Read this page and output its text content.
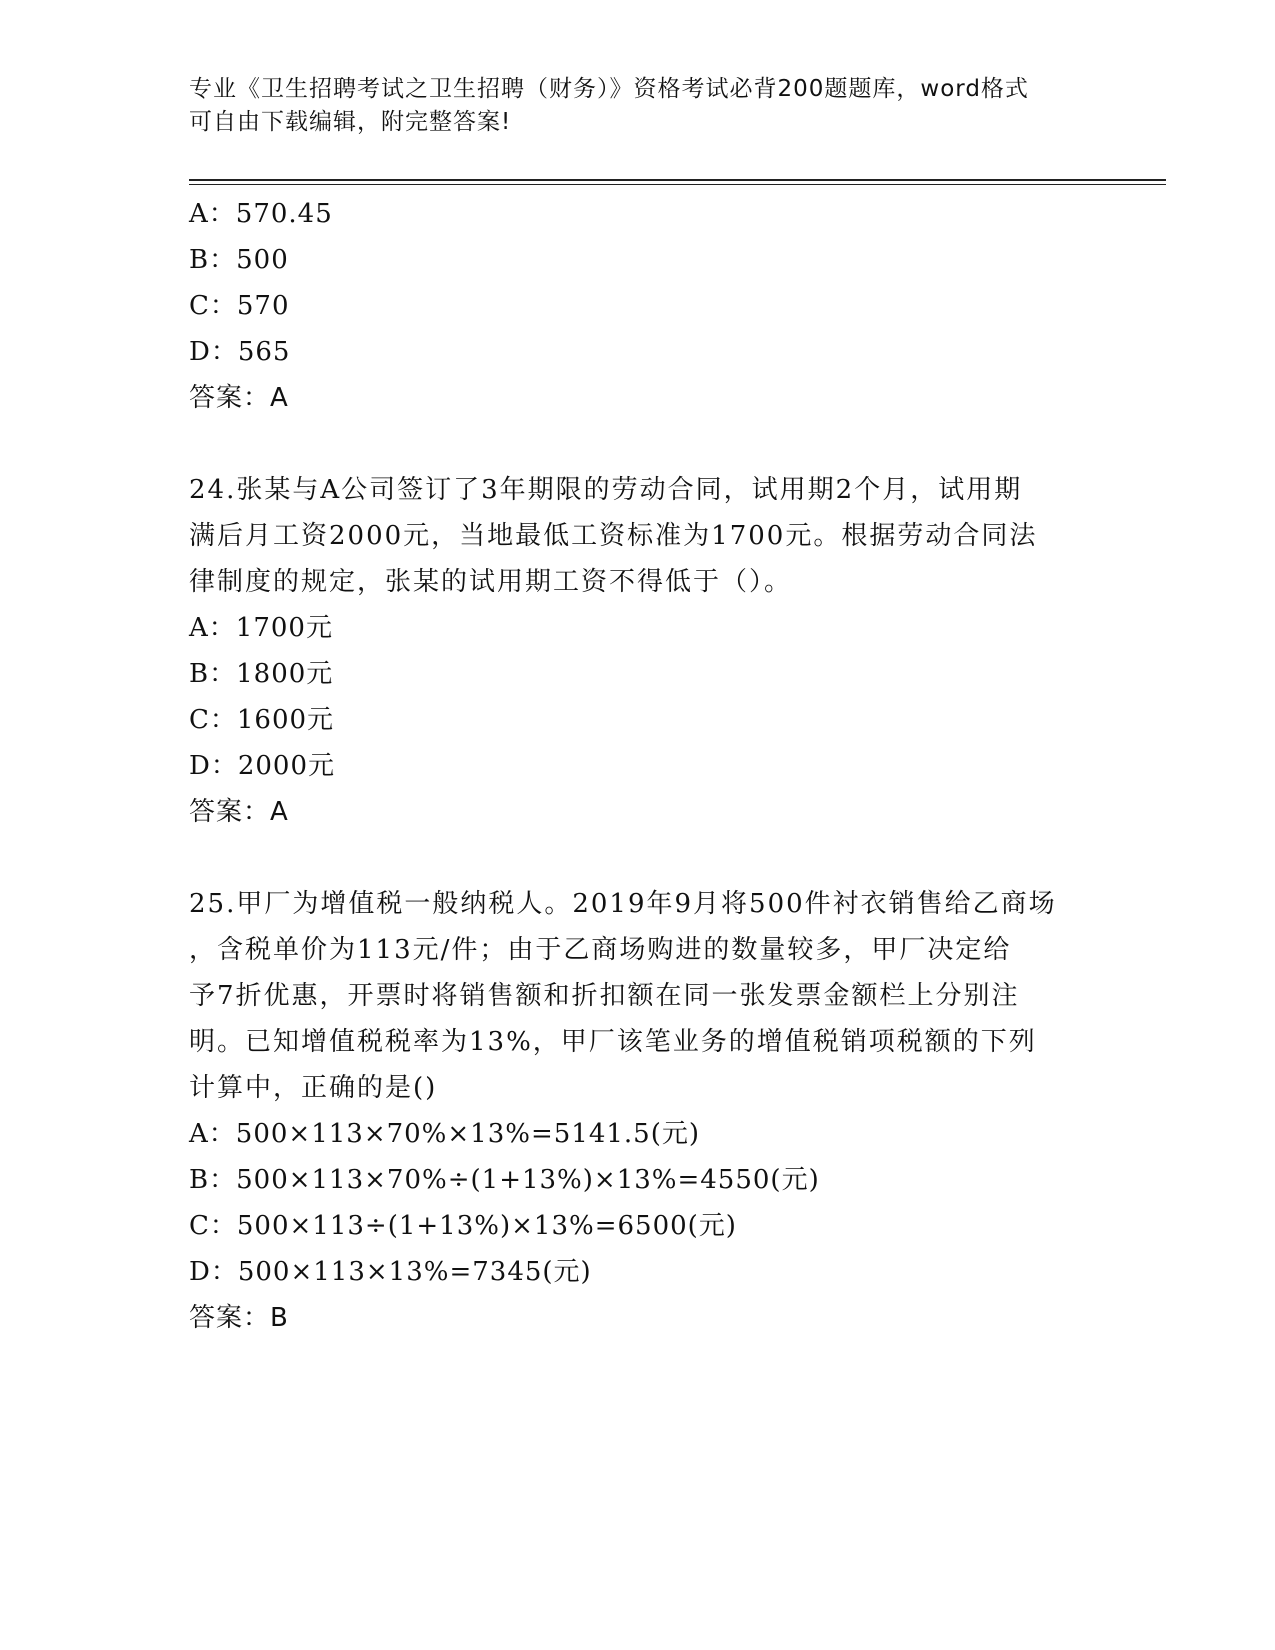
专业《卫生招聘考试之卫生招聘（财务）》资格考试必背200题题库，word格式
可自由下载编辑，附完整答案!
A：570.45
B：500
C：570
D：565
答案：A
24.张某与A公司签订了3年期限的劳动合同，试用期2个月，试用期
满后月工资2000元，当地最低工资标准为1700元。根据劳动合同法
律制度的规定，张某的试用期工资不得低于（）。
A：1700元
B：1800元
C：1600元
D：2000元
答案：A
25.甲厂为增值税一般纳税人。2019年9月将500件衬衣销售给乙商场
，含税单价为113元/件；由于乙商场购进的数量较多，甲厂决定给
予7折优惠，开票时将销售额和折扣额在同一张发票金额栏上分别注
明。已知增值税税率为13%，甲厂该笔业务的增值税销项税额的下列
计算中，正确的是()
A：500×113×70%×13%=5141.5(元)
B：500×113×70%÷(1+13%)×13%=4550(元)
C：500×113÷(1+13%)×13%=6500(元)
D：500×113×13%=7345(元)
答案：B
